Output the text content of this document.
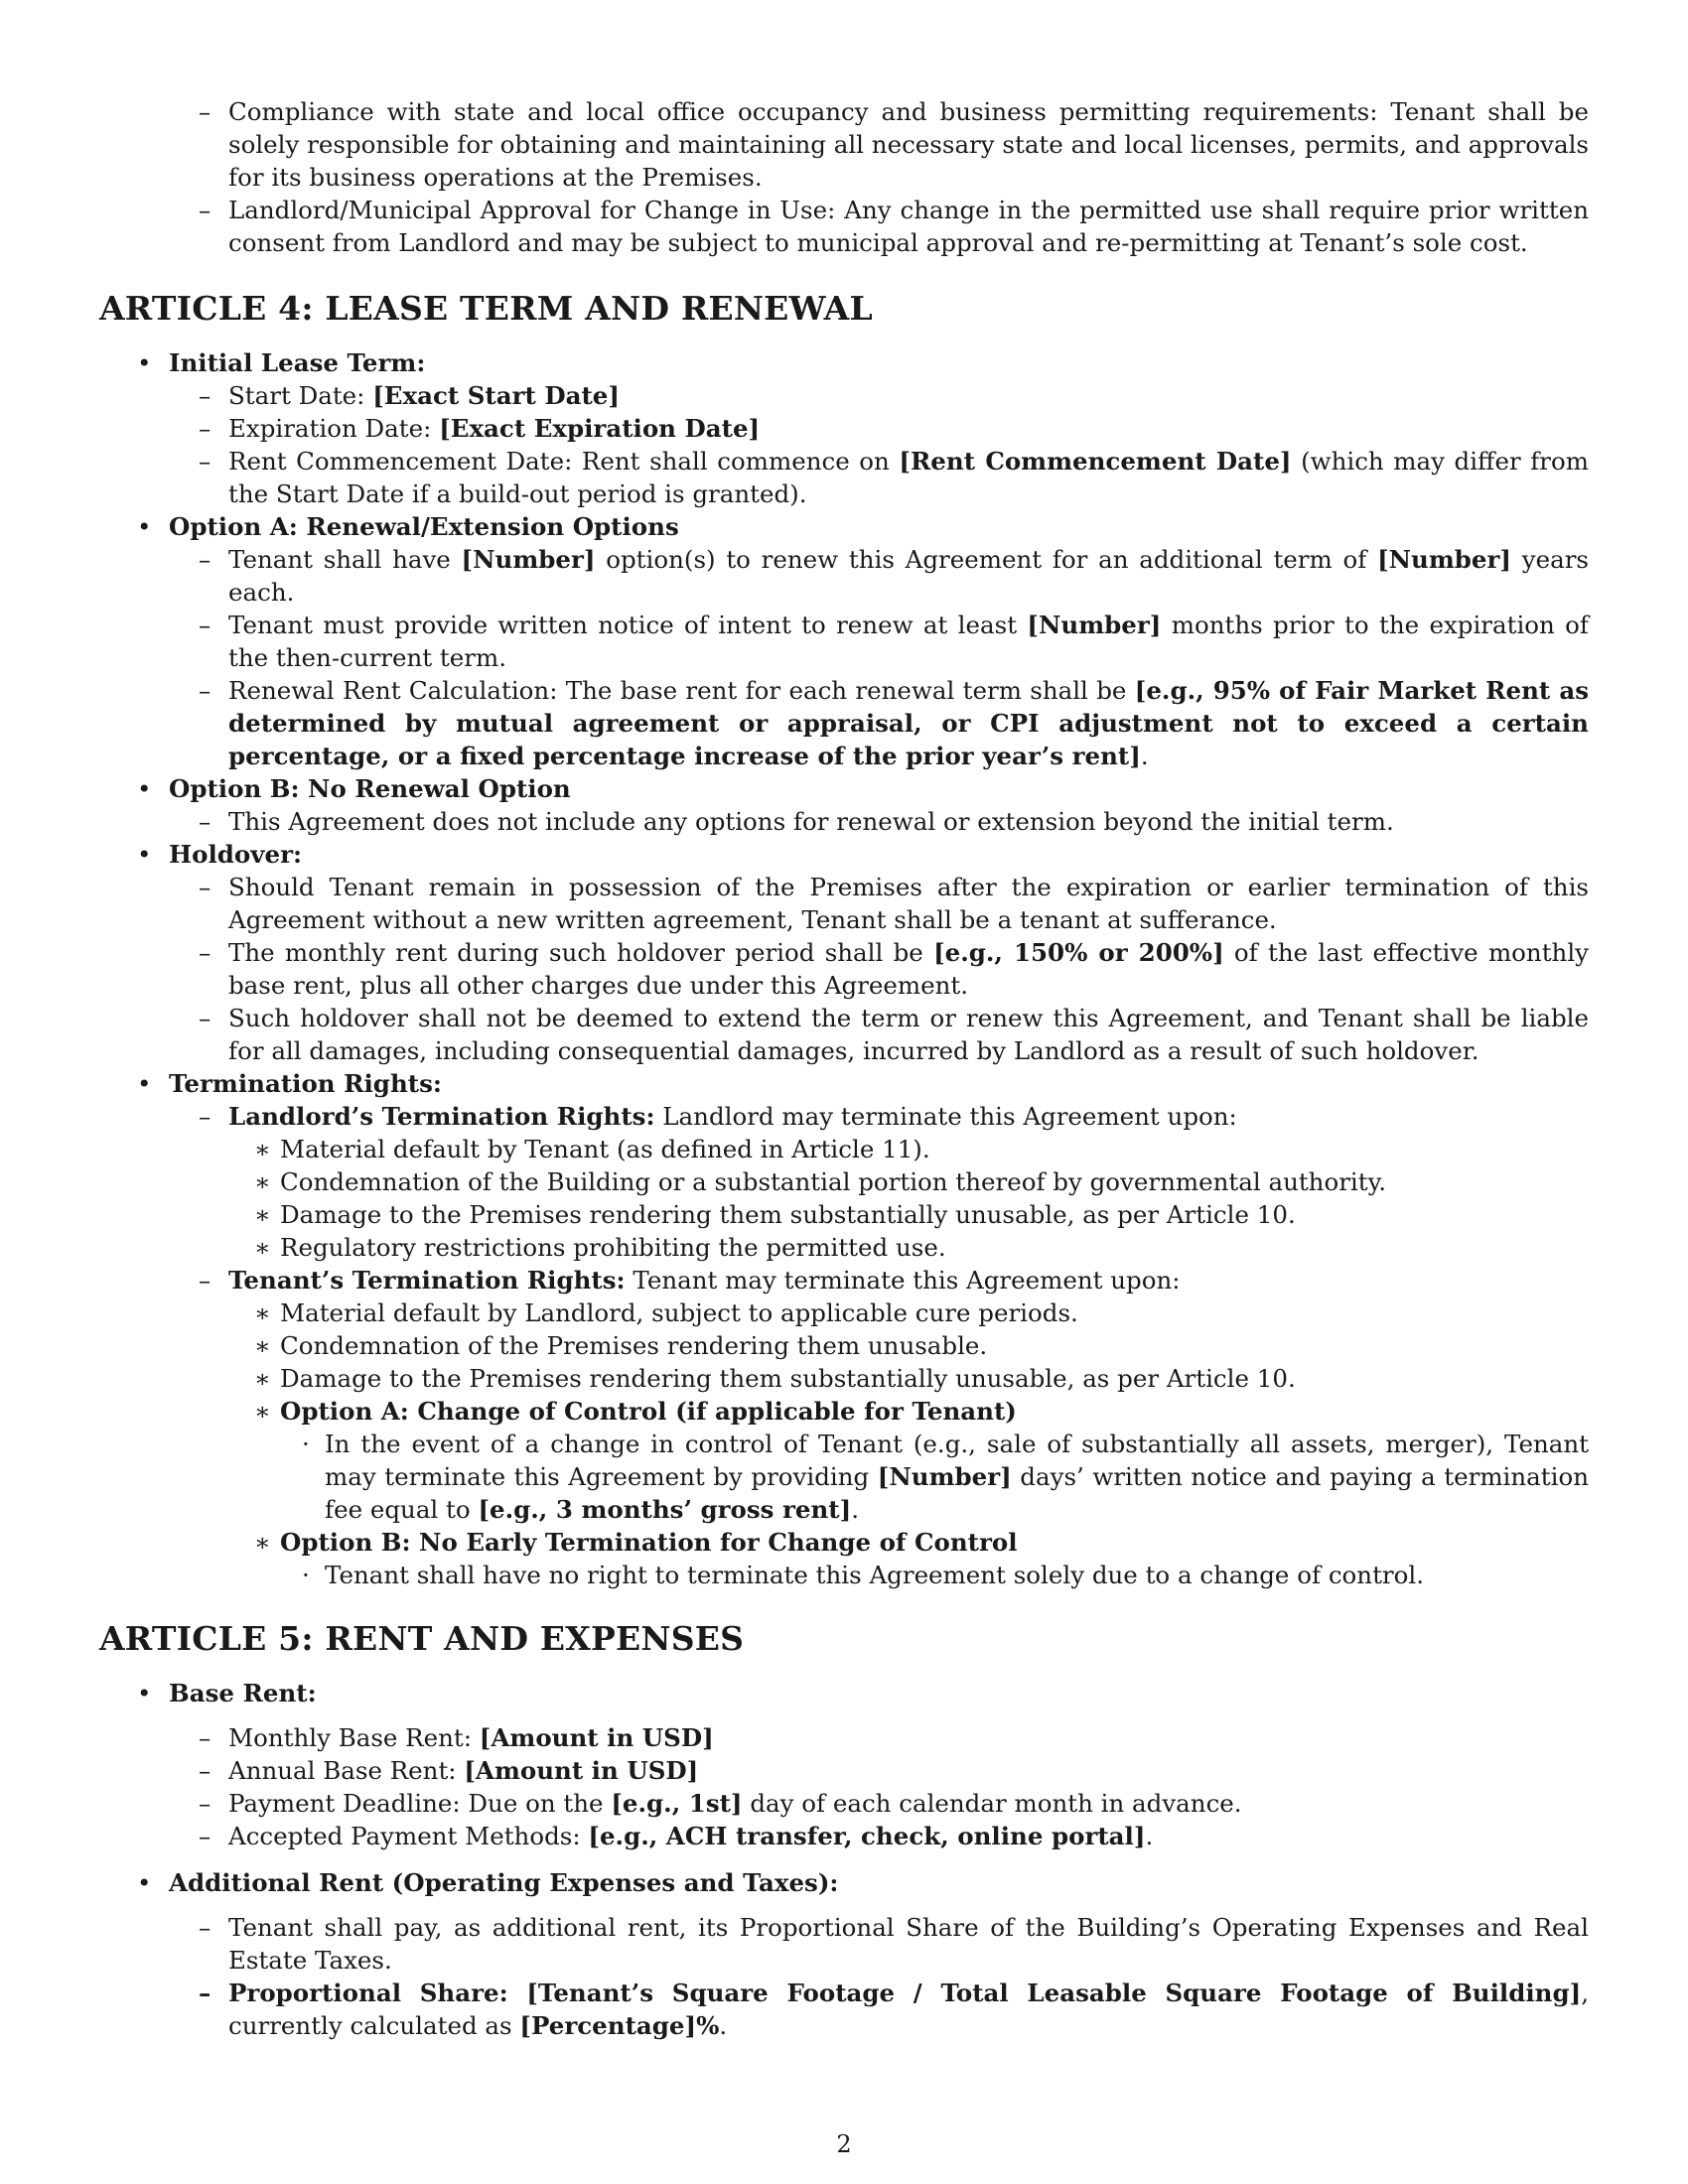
– Compliance with state and local office occupancy and business permitting requirements: Tenant shall be solely responsible for obtaining and maintaining all necessary state and local licenses, permits, and approvals for its business operations at the Premises.
– Landlord/Municipal Approval for Change in Use: Any change in the permitted use shall require prior written consent from Landlord and may be subject to municipal approval and re-permitting at Tenant’s sole cost.
ARTICLE 4: LEASE TERM AND RENEWAL
• Initial Lease Term:
– Start Date: [Exact Start Date]
– Expiration Date: [Exact Expiration Date]
– Rent Commencement Date: Rent shall commence on [Rent Commencement Date] (which may differ from the Start Date if a build-out period is granted).
• Option A: Renewal/Extension Options
– Tenant shall have [Number] option(s) to renew this Agreement for an additional term of [Number] years each.
– Tenant must provide written notice of intent to renew at least [Number] months prior to the expiration of the then-current term.
– Renewal Rent Calculation: The base rent for each renewal term shall be [e.g., 95% of Fair Market Rent as determined by mutual agreement or appraisal, or CPI adjustment not to exceed a certain percentage, or a fixed percentage increase of the prior year’s rent].
• Option B: No Renewal Option
– This Agreement does not include any options for renewal or extension beyond the initial term.
• Holdover:
– Should Tenant remain in possession of the Premises after the expiration or earlier termination of this Agreement without a new written agreement, Tenant shall be a tenant at sufferance.
– The monthly rent during such holdover period shall be [e.g., 150% or 200%] of the last effective monthly base rent, plus all other charges due under this Agreement.
– Such holdover shall not be deemed to extend the term or renew this Agreement, and Tenant shall be liable for all damages, including consequential damages, incurred by Landlord as a result of such holdover.
• Termination Rights:
– Landlord’s Termination Rights: Landlord may terminate this Agreement upon:
∗ Material default by Tenant (as defined in Article 11).
∗ Condemnation of the Building or a substantial portion thereof by governmental authority.
∗ Damage to the Premises rendering them substantially unusable, as per Article 10.
∗ Regulatory restrictions prohibiting the permitted use.
– Tenant’s Termination Rights: Tenant may terminate this Agreement upon:
∗ Material default by Landlord, subject to applicable cure periods.
∗ Condemnation of the Premises rendering them unusable.
∗ Damage to the Premises rendering them substantially unusable, as per Article 10.
∗ Option A: Change of Control (if applicable for Tenant)
· In the event of a change in control of Tenant (e.g., sale of substantially all assets, merger), Tenant may terminate this Agreement by providing [Number] days’ written notice and paying a termination fee equal to [e.g., 3 months’ gross rent].
∗ Option B: No Early Termination for Change of Control
· Tenant shall have no right to terminate this Agreement solely due to a change of control.
ARTICLE 5: RENT AND EXPENSES
• Base Rent:
– Monthly Base Rent: [Amount in USD]
– Annual Base Rent: [Amount in USD]
– Payment Deadline: Due on the [e.g., 1st] day of each calendar month in advance.
– Accepted Payment Methods: [e.g., ACH transfer, check, online portal].
• Additional Rent (Operating Expenses and Taxes):
– Tenant shall pay, as additional rent, its Proportional Share of the Building’s Operating Expenses and Real Estate Taxes.
– Proportional Share: [Tenant’s Square Footage / Total Leasable Square Footage of Building], currently calculated as [Percentage]%.
2
